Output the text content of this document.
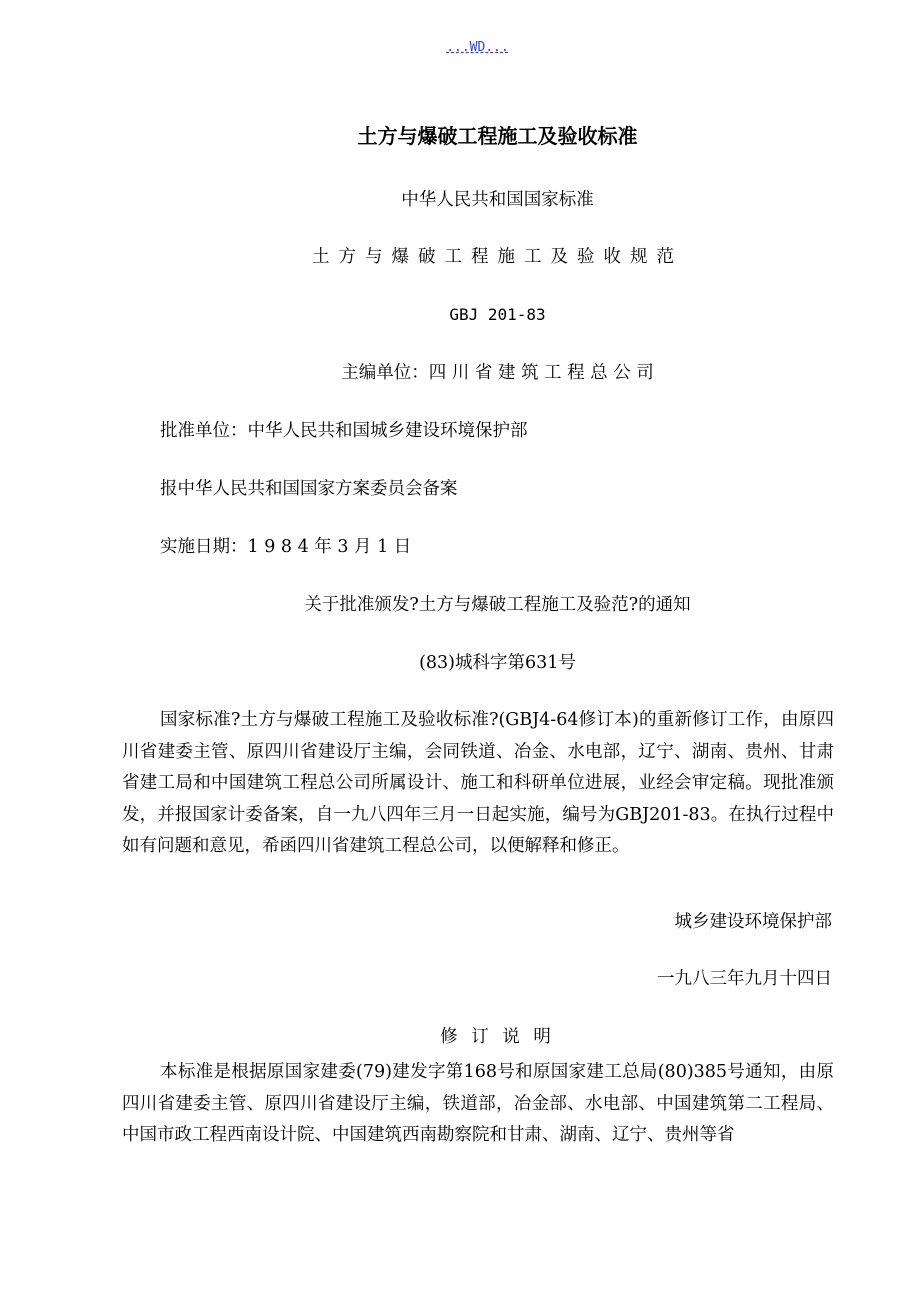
...WD...
土方与爆破工程施工及验收标准
中华人民共和国国家标准
土方与爆破工程施工及验收规范
GBJ 201-83
主编单位：四 川 省 建 筑 工 程 总 公 司
批准单位：中华人民共和国城乡建设环境保护部
报中华人民共和国国家方案委员会备案
实施日期：1 9 8 4 年 3 月 1 日
关于批准颁发?土方与爆破工程施工及验范?的通知
(83)城科字第631号

国家标准?土方与爆破工程施工及验收标准?(GBJ4-64修订本)的重新修订工作，由原四川省建委主管、原四川省建设厅主编，会同铁道、冶金、水电部，辽宁、湖南、贵州、甘肃省建工局和中国建筑工程总公司所属设计、施工和科研单位进展，业经会审定稿。现批准颁发，并报国家计委备案，自一九八四年三月一日起实施，编号为GBJ201-83。在执行过程中如有问题和意见，希函四川省建筑工程总公司，以便解释和修正。

城乡建设环境保护部
一九八三年九月十四日
修 订 说 明

本标准是根据原国家建委(79)建发字第168号和原国家建工总局(80)385号通知，由原四川省建委主管、原四川省建设厅主编，铁道部，冶金部、水电部、中国建筑第二工程局、中国市政工程西南设计院、中国建筑西南勘察院和甘肃、湖南、辽宁、贵州等省
